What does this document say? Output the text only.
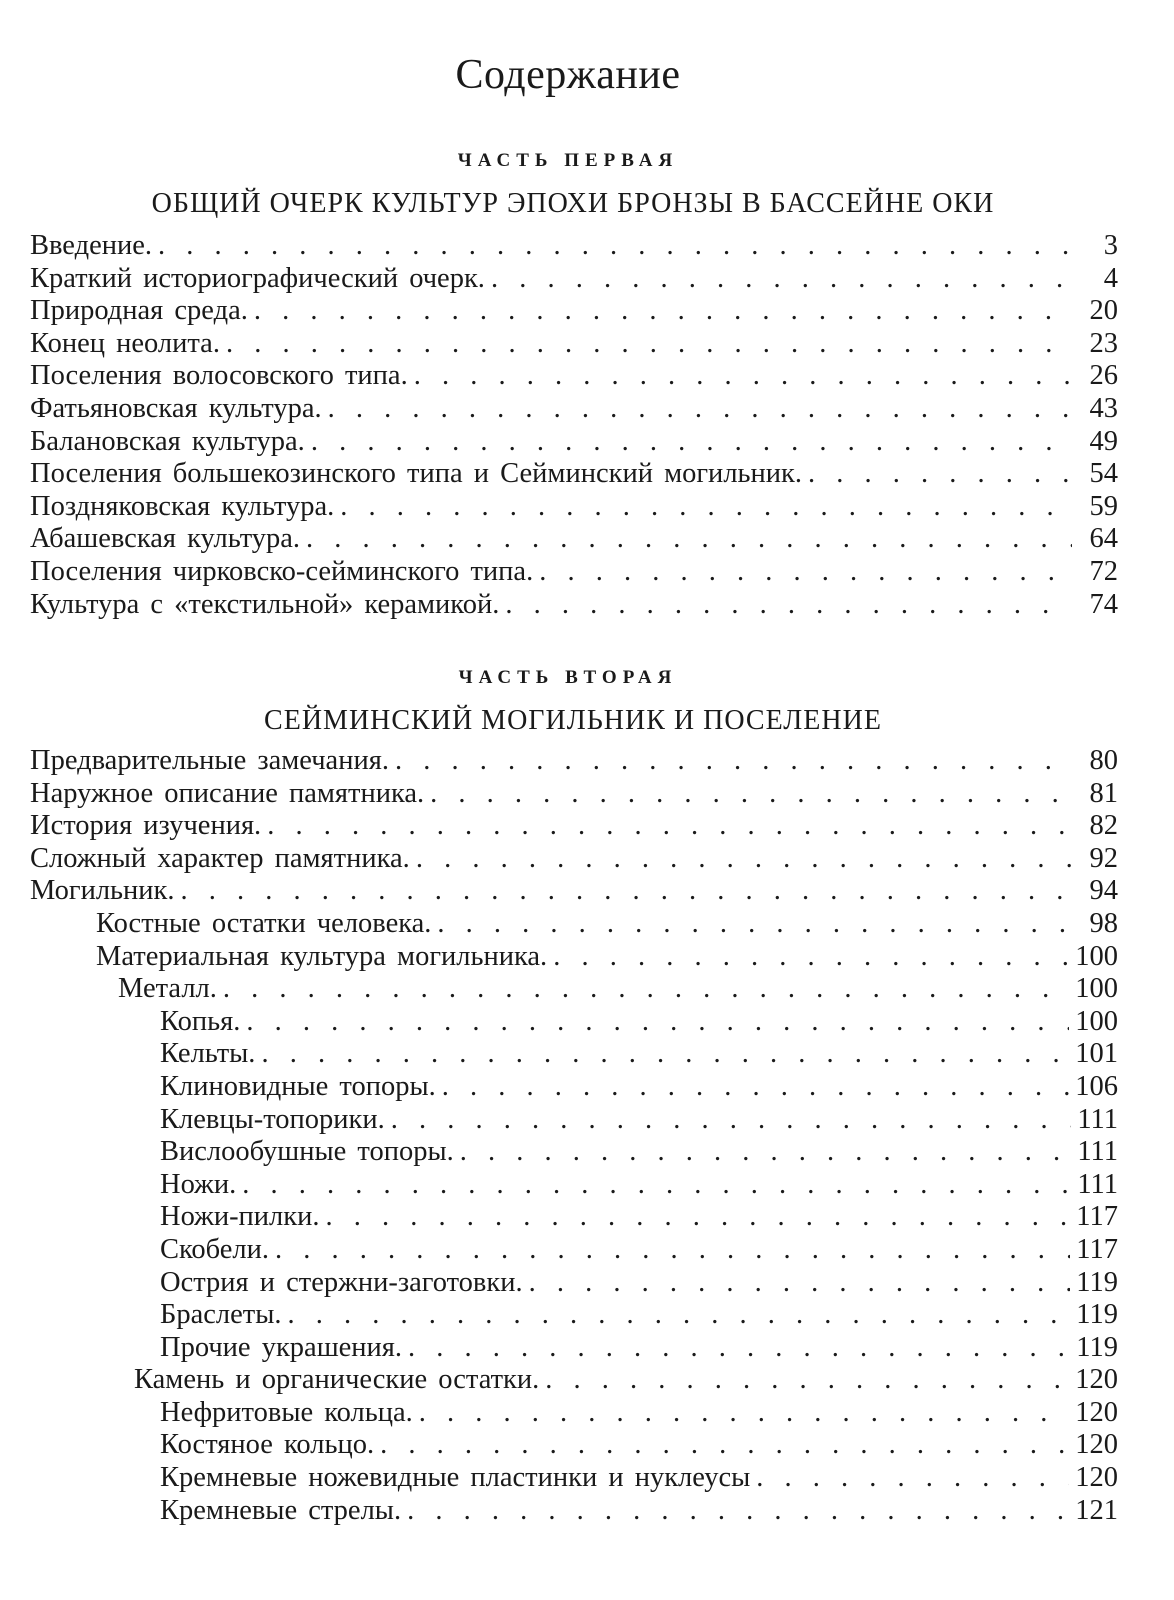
Содержание
ЧАСТЬ ПЕРВАЯ
ОБЩИЙ ОЧЕРК КУЛЬТУР ЭПОХИ БРОНЗЫ В БАССЕЙНЕ ОКИ
Введение. . . .	3
Краткий историографический очерк. . . .	4
Природная среда. . . .	20
Конец неолита. . . .	23
Поселения волосовского типа. . . .	26
Фатьяновская культура. . . .	43
Балановская культура. . . .	49
Поселения большекозинского типа и Сейминский могильник. . . .	54
Поздняковская культура. . . .	59
Абашевская культура. . . .	64
Поселения чирковско-сейминского типа. . . .	72
Культура с «текстильной» керамикой. . . .	74
ЧАСТЬ ВТОРАЯ
СЕЙМИНСКИЙ МОГИЛЬНИК И ПОСЕЛЕНИЕ
Предварительные замечания. . . .	80
Наружное описание памятника. . . .	81
История изучения. . . .	82
Сложный характер памятника. . . .	92
Могильник. . . .	94
Костные остатки человека. . . .	98
Материальная культура могильника. . . .	100
Металл. . . .	100
Копья. . . .	100
Кельты. . . .	101
Клиновидные топоры. . . .	106
Клевцы-топорики. . . .	111
Вислообушные топоры. . . .	111
Ножи. . . .	111
Ножи-пилки. . . .	117
Скобели. . . .	117
Острия и стержни-заготовки. . . .	119
Браслеты. . . .	119
Прочие украшения. . . .	119
Камень и органические остатки. . . .	120
Нефритовые кольца. . . .	120
Костяное кольцо. . . .	120
Кремневые ножевидные пластинки и нуклеусы . . .	120
Кремневые стрелы. . . .	121
